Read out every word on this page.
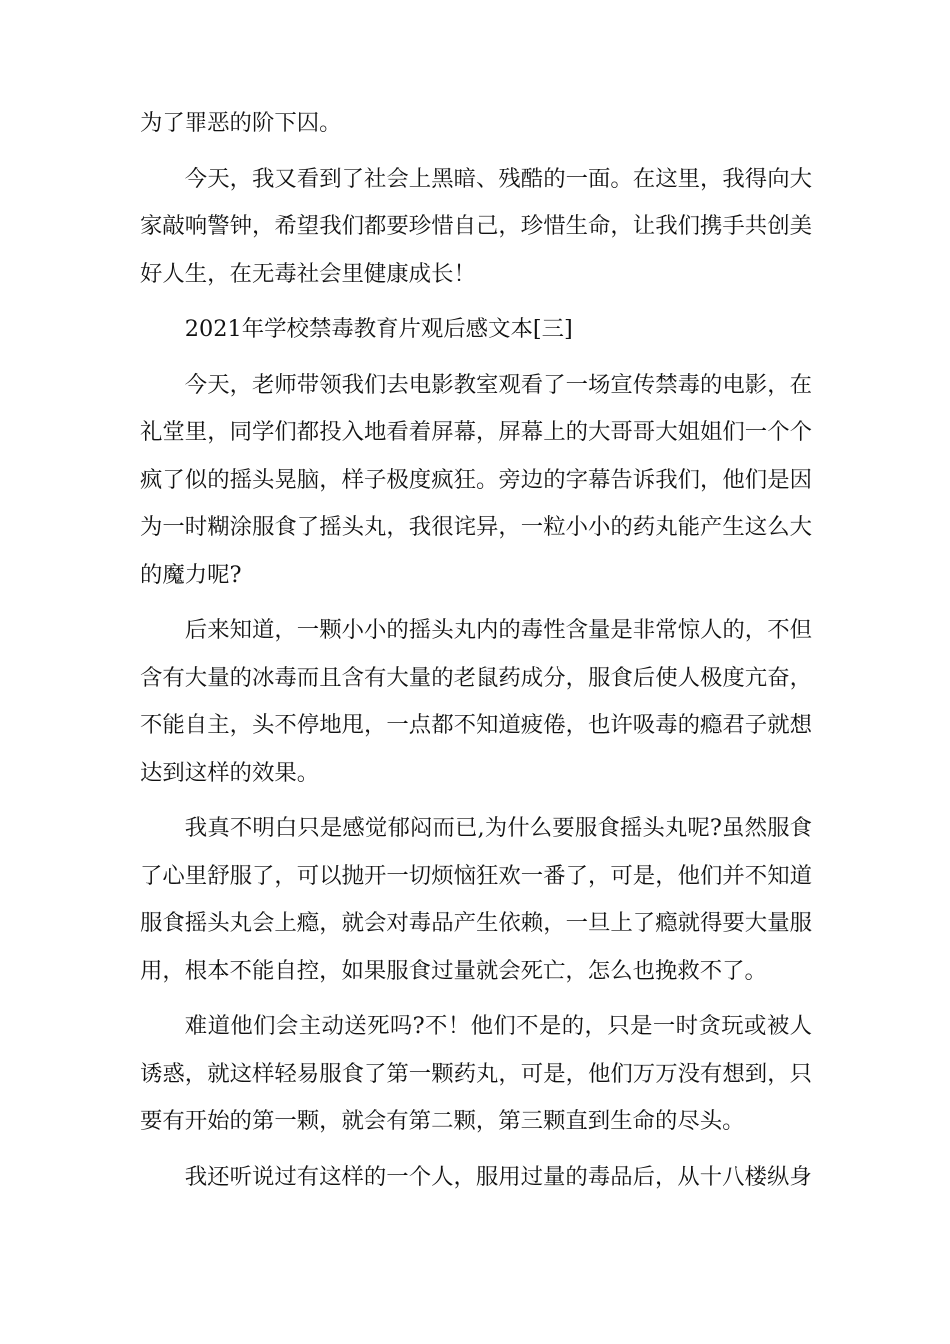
为了罪恶的阶下囚。

今天，我又看到了社会上黑暗、残酷的一面。在这里，我得向大家敲响警钟，希望我们都要珍惜自己，珍惜生命，让我们携手共创美好人生，在无毒社会里健康成长！

2021年学校禁毒教育片观后感文本[三]

今天，老师带领我们去电影教室观看了一场宣传禁毒的电影，在礼堂里，同学们都投入地看着屏幕，屏幕上的大哥哥大姐姐们一个个疯了似的摇头晃脑，样子极度疯狂。旁边的字幕告诉我们，他们是因为一时糊涂服食了摇头丸，我很诧异，一粒小小的药丸能产生这么大的魔力呢?

后来知道，一颗小小的摇头丸内的毒性含量是非常惊人的，不但含有大量的冰毒而且含有大量的老鼠药成分，服食后使人极度亢奋，不能自主，头不停地甩，一点都不知道疲倦，也许吸毒的瘾君子就想达到这样的效果。

我真不明白只是感觉郁闷而已,为什么要服食摇头丸呢?虽然服食了心里舒服了，可以抛开一切烦恼狂欢一番了，可是，他们并不知道服食摇头丸会上瘾，就会对毒品产生依赖，一旦上了瘾就得要大量服用，根本不能自控，如果服食过量就会死亡，怎么也挽救不了。

难道他们会主动送死吗?不！他们不是的，只是一时贪玩或被人诱惑，就这样轻易服食了第一颗药丸，可是，他们万万没有想到，只要有开始的第一颗，就会有第二颗，第三颗直到生命的尽头。

我还听说过有这样的一个人，服用过量的毒品后，从十八楼纵身
